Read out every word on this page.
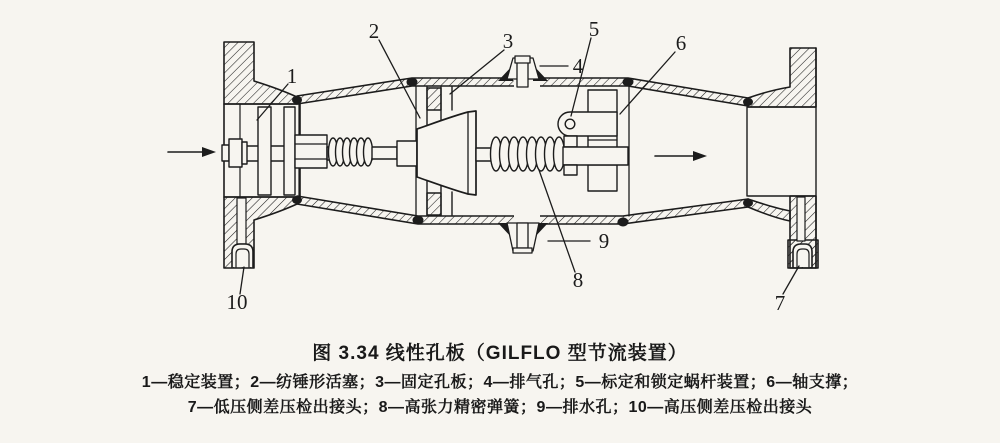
1
2	3
4
5
6
7
8
9
10
图 3.34 线性孔板（GILFLO 型节流装置）
1—稳定装置；2—纺锤形活塞；3—固定孔板；4—排气孔；5—标定和锁定蜗杆装置；6—轴支撑；
7—低压侧差压检出接头；8—高张力精密弹簧；9—排水孔；10—高压侧差压检出接头
